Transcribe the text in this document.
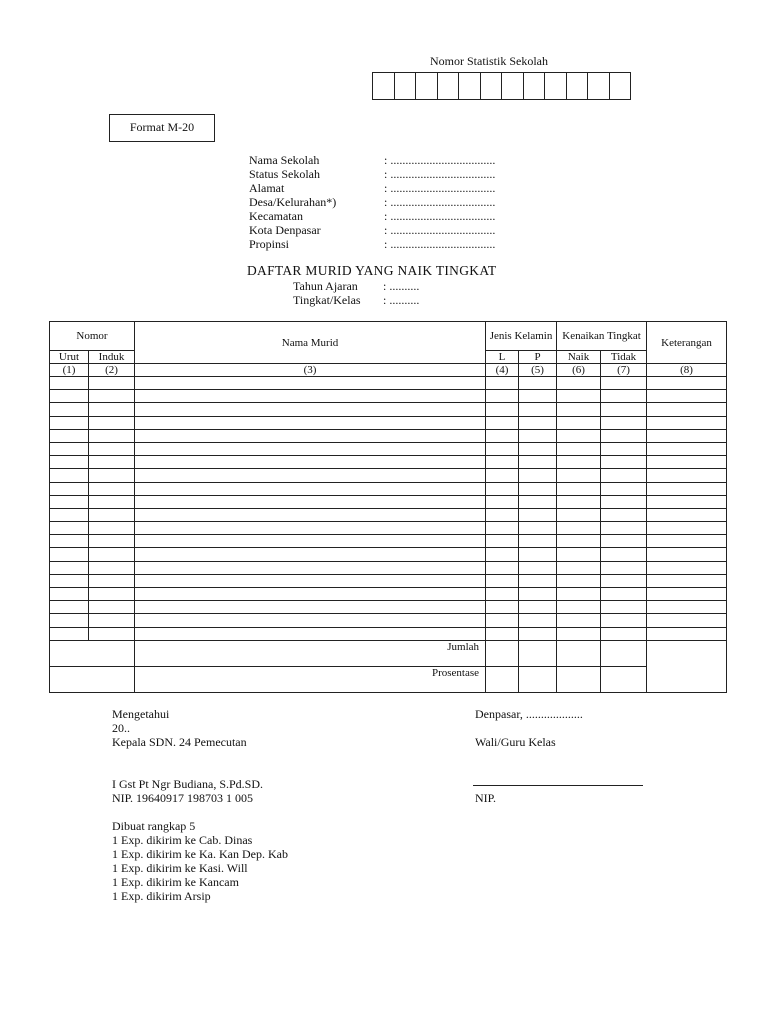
Nomor Statistik Sekolah
Format M-20
Nama Sekolah	: ...................................
Status Sekolah	: ...................................
Alamat	: ...................................
Desa/Kelurahan*)	: ...................................
Kecamatan	: ...................................
Kota Denpasar	: ...................................
Propinsi	: ...................................
DAFTAR MURID YANG NAIK TINGKAT
Tahun Ajaran	: ..........
Tingkat/Kelas	: ..........
Nomor		Nama Murid	Jenis Kelamin		Kenaikan Tingkat		Keterangan
Urut	Induk		L	P	Naik	Tidak	
(1)	(2)	(3)	(4)	(5)	(6)	(7)	(8)

		Jumlah					
		Prosentase					
Mengetahui
20..
Kepala SDN. 24 Pemecutan
I Gst Pt Ngr Budiana, S.Pd.SD.
NIP. 19640917 198703 1 005
Denpasar, ...................
Wali/Guru Kelas
NIP.
Dibuat rangkap 5
1 Exp. dikirim ke Cab. Dinas
1 Exp. dikirim ke Ka. Kan Dep. Kab
1 Exp. dikirim ke Kasi. Will
1 Exp. dikirim ke Kancam
1 Exp. dikirim Arsip
